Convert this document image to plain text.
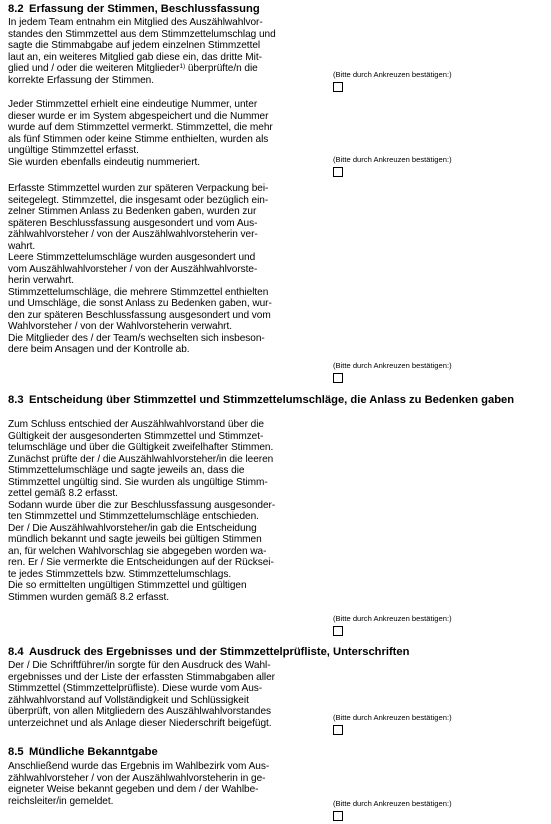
8.2 Erfassung der Stimmen, Beschlussfassung
In jedem Team entnahm ein Mitglied des Auszählwahlvor-
standes den Stimmzettel aus dem Stimmzettelumschlag und
sagte die Stimmabgabe auf jedem einzelnen Stimmzettel
laut an, ein weiteres Mitglied gab diese ein, das dritte Mit-
glied und / oder die weiteren Mitglieder$^{1)}$ überprüfte/n die
korrekte Erfassung der Stimmen.	(Bitte durch Ankreuzen bestätigen:)
Jeder Stimmzettel erhielt eine eindeutige Nummer, unter
dieser wurde er im System abgespeichert und die Nummer
wurde auf dem Stimmzettel vermerkt. Stimmzettel, die mehr
als fünf Stimmen oder keine Stimme enthielten, wurden als
ungültige Stimmzettel erfasst.
Sie wurden ebenfalls eindeutig nummeriert.	(Bitte durch Ankreuzen bestätigen:)
Erfasste Stimmzettel wurden zur späteren Verpackung bei-
seitegelegt. Stimmzettel, die insgesamt oder bezüglich ein-
zelner Stimmen Anlass zu Bedenken gaben, wurden zur
späteren Beschlussfassung ausgesondert und vom Aus-
zählwahlvorsteher / von der Auszählwahlvorsteherin ver-
wahrt.
Leere Stimmzettelumschläge wurden ausgesondert und
vom Auszählwahlvorsteher / von der Auszählwahlvorste-
herin verwahrt.
Stimmzettelumschläge, die mehrere Stimmzettel enthielten
und Umschläge, die sonst Anlass zu Bedenken gaben, wur-
den zur späteren Beschlussfassung ausgesondert und vom
Wahlvorsteher / von der Wahlvorsteherin verwahrt.
Die Mitglieder des / der Team/s wechselten sich insbeson-
dere beim Ansagen und der Kontrolle ab.
(Bitte durch Ankreuzen bestätigen:)
8.3 Entscheidung über Stimmzettel und Stimmzettelumschläge, die Anlass zu Bedenken gaben
Zum Schluss entschied der Auszählwahlvorstand über die
Gültigkeit der ausgesonderten Stimmzettel und Stimmzet-
telumschläge und über die Gültigkeit zweifelhafter Stimmen.
Zunächst prüfte der / die Auszählwahlvorsteher/in die leeren
Stimmzettelumschläge und sagte jeweils an, dass die
Stimmzettel ungültig sind. Sie wurden als ungültige Stimm-
zettel gemäß 8.2 erfasst.
Sodann wurde über die zur Beschlussfassung ausgesonder-
ten Stimmzettel und Stimmzettelumschläge entschieden.
Der / Die Auszählwahlvorsteher/in gab die Entscheidung
mündlich bekannt und sagte jeweils bei gültigen Stimmen
an, für welchen Wahlvorschlag sie abgegeben worden wa-
ren. Er / Sie vermerkte die Entscheidungen auf der Rücksei-
te jedes Stimmzettels bzw. Stimmzettelumschlags.
Die so ermittelten ungültigen Stimmzettel und gültigen
Stimmen wurden gemäß 8.2 erfasst.
(Bitte durch Ankreuzen bestätigen:)
8.4 Ausdruck des Ergebnisses und der Stimmzettelprüfliste, Unterschriften
Der / Die Schriftführer/in sorgte für den Ausdruck des Wahl-
ergebnisses und der Liste der erfassten Stimmabgaben aller
Stimmzettel (Stimmzettelprüfliste). Diese wurde vom Aus-
zählwahlvorstand auf Vollständigkeit und Schlüssigkeit
überprüft, von allen Mitgliedern des Auszählwahlvorstandes
unterzeichnet und als Anlage dieser Niederschrift beigefügt.	(Bitte durch Ankreuzen bestätigen:)
8.5 Mündliche Bekanntgabe
Anschließend wurde das Ergebnis im Wahlbezirk vom Aus-
zählwahlvorsteher / von der Auszählwahlvorsteherin in ge-
eigneter Weise bekannt gegeben und dem / der Wahlbe-
reichsleiter/in gemeldet.	(Bitte durch Ankreuzen bestätigen:)
